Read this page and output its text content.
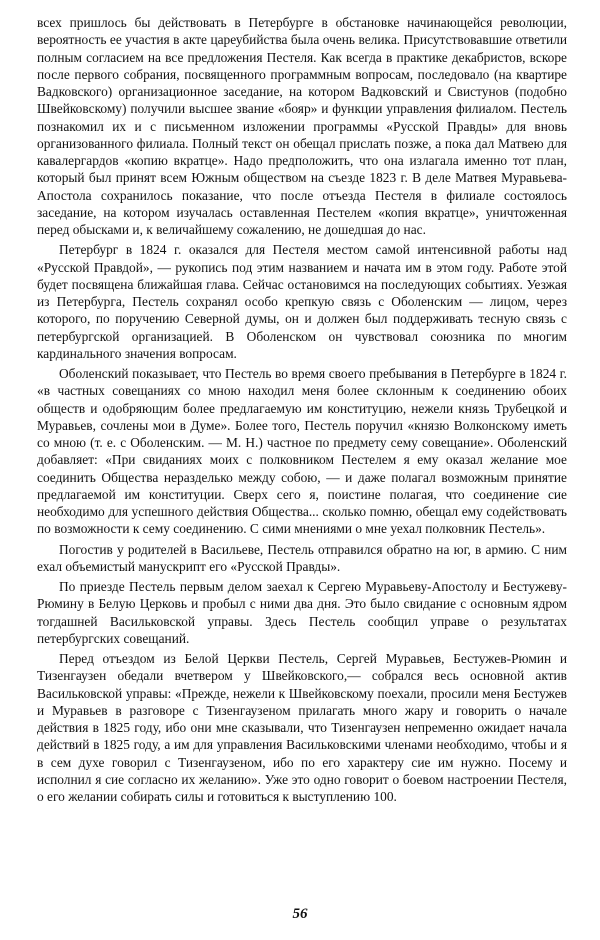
всех пришлось бы действовать в Петербурге в обстановке начинающейся революции, вероятность ее участия в акте цареубийства была очень велика. Присутствовавшие ответили полным согласием на все предложения Пестеля. Как всегда в практике декабристов, вскоре после первого собрания, посвященного программным вопросам, последовало (на квартире Вадковского) организационное заседание, на котором Вадковский и Свистунов (подобно Швейковскому) получили высшее звание «бояр» и функции управления филиалом. Пестель познакомил их и с письменном изложении программы «Русской Правды» для вновь организованного филиала. Полный текст он обещал прислать позже, а пока дал Матвею для кавалергардов «копию вкратце». Надо предположить, что она излагала именно тот план, который был принят всем Южным обществом на съезде 1823 г. В деле Матвея Муравьева-Апостола сохранилось показание, что после отъезда Пестеля в филиале состоялось заседание, на котором изучалась оставленная Пестелем «копия вкратце», уничтоженная перед обысками и, к величайшему сожалению, не дошедшая до нас.

Петербург в 1824 г. оказался для Пестеля местом самой интенсивной работы над «Русской Правдой», — рукопись под этим названием и начата им в этом году. Работе этой будет посвящена ближайшая глава. Сейчас остановимся на последующих событиях. Уезжая из Петербурга, Пестель сохранял особо крепкую связь с Оболенским — лицом, через которого, по поручению Северной думы, он и должен был поддерживать тесную связь с петербургской организацией. В Оболенском он чувствовал союзника по многим кардинального значения вопросам.

Оболенский показывает, что Пестель во время своего пребывания в Петербурге в 1824 г. «в частных совещаниях со мною находил меня более склонным к соединению обоих обществ и одобряющим более предлагаемую им конституцию, нежели князь Трубецкой и Муравьев, сочлены мои в Думе». Более того, Пестель поручил «князю Волконскому иметь со мною (т. е. с Оболенским. — М. Н.) частное по предмету сему совещание». Оболенский добавляет: «При свиданиях моих с полковником Пестелем я ему оказал желание мое соединить Общества неразделько между собою, — и даже полагал возможным принятие предлагаемой им конституции. Сверх сего я, поистине полагая, что соединение сие необходимо для успешного действия Общества... сколько помню, обещал ему содействовать по возможности к сему соединению. С сими мнениями о мне уехал полковник Пестель».

Погостив у родителей в Васильеве, Пестель отправился обратно на юг, в армию. С ним ехал объемистый манускрипт его «Русской Правды».

По приезде Пестель первым делом заехал к Сергею Муравьеву-Апостолу и Бестужеву-Рюмину в Белую Церковь и пробыл с ними два дня. Это было свидание с основным ядром тогдашней Васильковской управы. Здесь Пестель сообщил управе о результатах петербургских совещаний.

Перед отъездом из Белой Церкви Пестель, Сергей Муравьев, Бестужев-Рюмин и Тизенгаузен обедали вчетвером у Швейковского,— собрался весь основной актив Васильковской управы: «Прежде, нежели к Швейковскому поехали, просили меня Бестужев и Муравьев в разговоре с Тизенгаузеном прилагать много жару и говорить о начале действия в 1825 году, ибо они мне сказывали, что Тизенгаузен непременно ожидает начала действий в 1825 году, а им для управления Васильковскими членами необходимо, чтобы и я в сем духе говорил с Тизенгаузеном, ибо по его характеру сие им нужно. Посему и исполнил я сие согласно их желанию». Уже это одно говорит о боевом настроении Пестеля, о его желании собирать силы и готовиться к выступлению 100.

56
